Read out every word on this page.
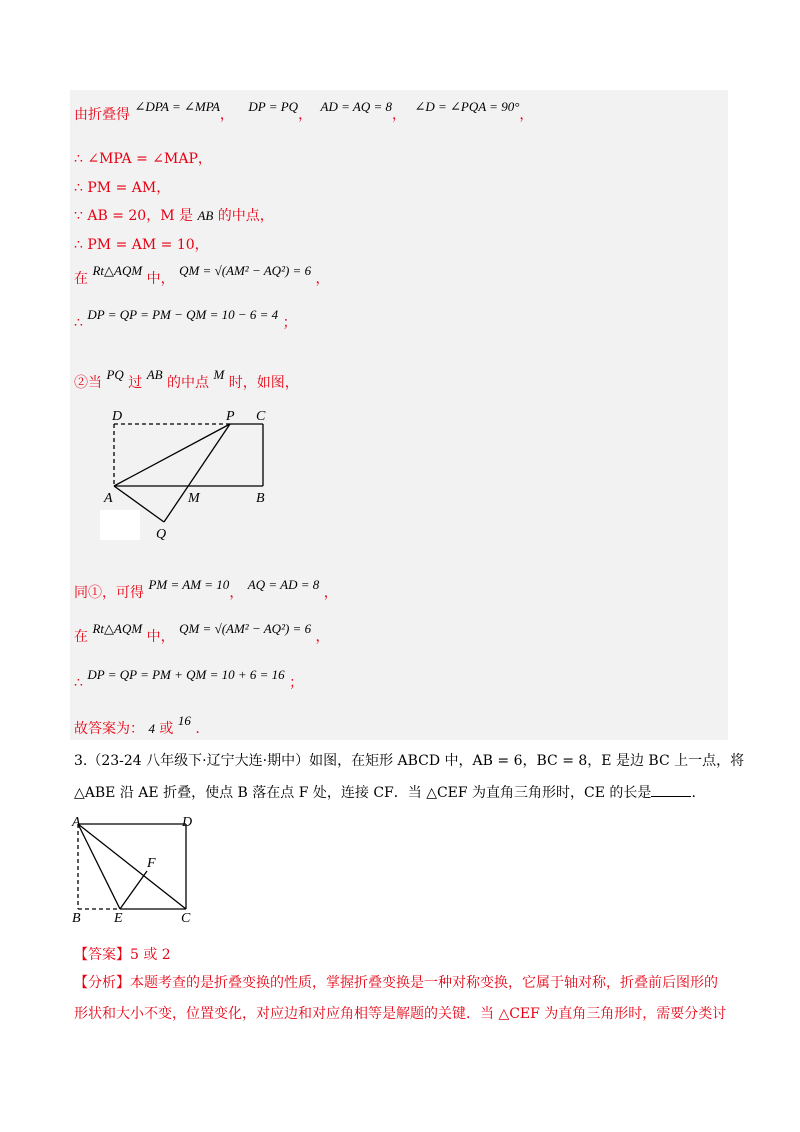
由折叠得 ∠DPA = ∠MPA， DP = PQ， AD = AQ = 8， ∠D = ∠PQA = 90°，
∴ ∠MPA = ∠MAP，
∴ PM = AM，
∵ AB = 20，M 是 AB 的中点，
∴ PM = AM = 10，
在 Rt△AQM 中， QM = √(AM² − AQ²) = 6 ，
∴ DP = QP = PM − QM = 10 − 6 = 4 ；
②当 PQ 过 AB 的中点 M 时，如图，
D	P C
A	M	B
Q
同①，可得 PM = AM = 10， AQ = AD = 8 ，
在 Rt△AQM 中， QM = √(AM² − AQ²) = 6 ，
∴ DP = QP = PM + QM = 10 + 6 = 16 ；
故答案为： 4 或 16 .
3.（23-24 八年级下·辽宁大连·期中）如图，在矩形 ABCD 中，AB = 6，BC = 8，E 是边 BC 上一点，将
△ABE 沿 AE 折叠，使点 B 落在点 F 处，连接 CF．当 △CEF 为直角三角形时，CE 的长是	.
A	D
F
B E	C
【答案】5 或 2
【分析】本题考查的是折叠变换的性质，掌握折叠变换是一种对称变换，它属于轴对称，折叠前后图形的
形状和大小不变，位置变化，对应边和对应角相等是解题的关键．当 △CEF 为直角三角形时，需要分类讨
